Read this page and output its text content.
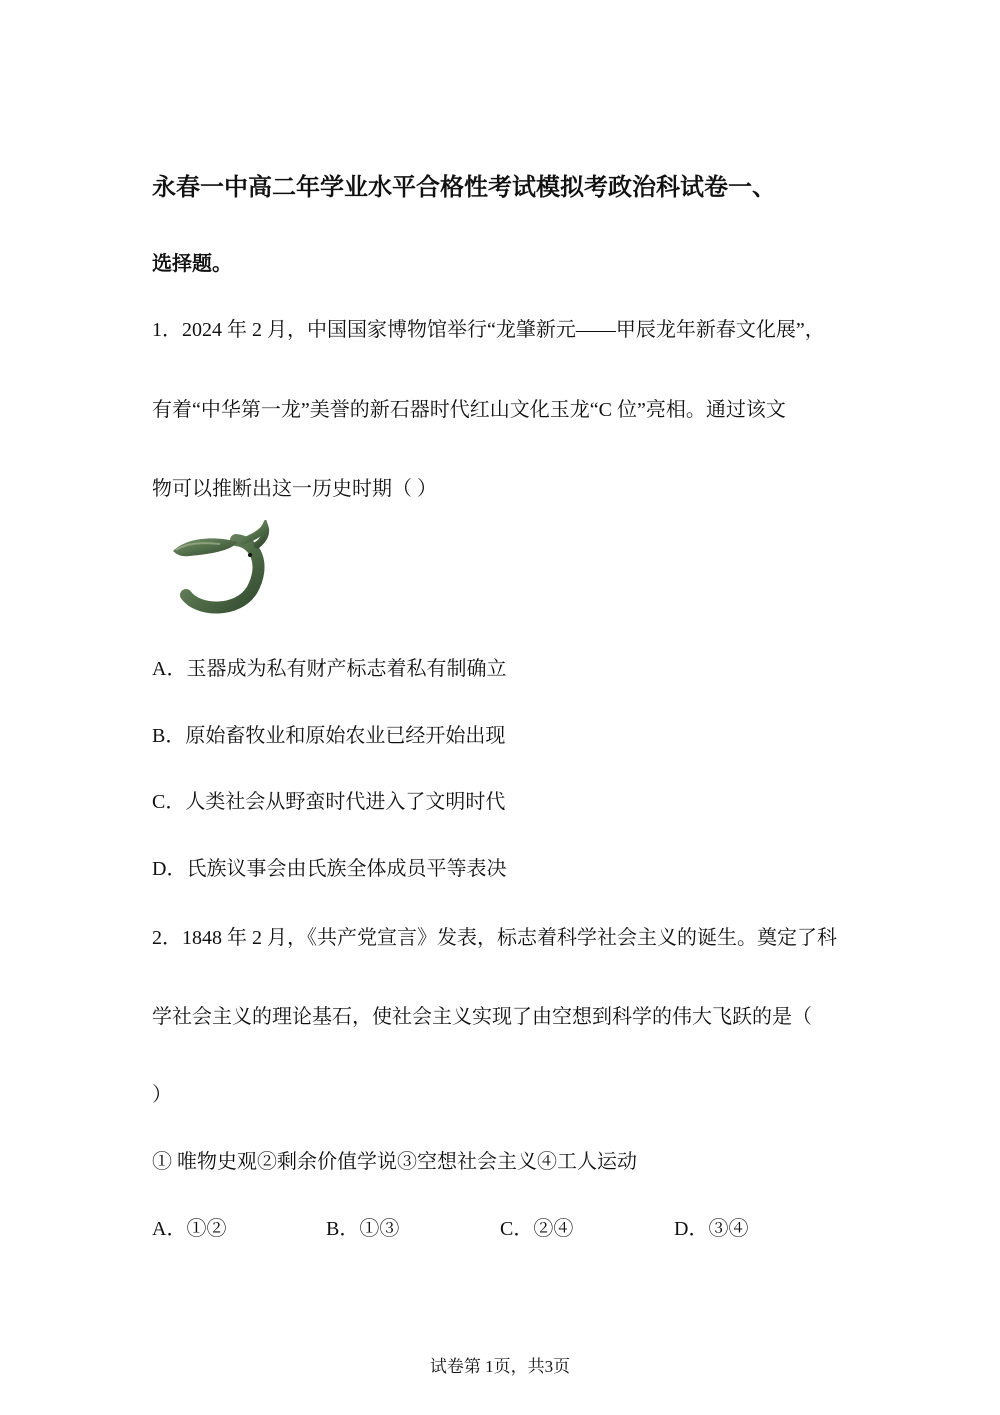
永春一中高二年学业水平合格性考试模拟考政治科试卷一、
选择题。
1．2024 年 2 月，中国国家博物馆举行“龙肇新元——甲辰龙年新春文化展”，
有着“中华第一龙”美誉的新石器时代红山文化玉龙“C 位”亮相。通过该文
物可以推断出这一历史时期（ ）
A．玉器成为私有财产标志着私有制确立
B．原始畜牧业和原始农业已经开始出现
C．人类社会从野蛮时代进入了文明时代
D．氏族议事会由氏族全体成员平等表决
2．1848 年 2 月，《共产党宣言》发表，标志着科学社会主义的诞生。奠定了科
学社会主义的理论基石，使社会主义实现了由空想到科学的伟大飞跃的是（
）
① 唯物史观②剩余价值学说③空想社会主义④工人运动
A．①②	B．①③	C．②④	D．③④
试卷第 1页，共3页
